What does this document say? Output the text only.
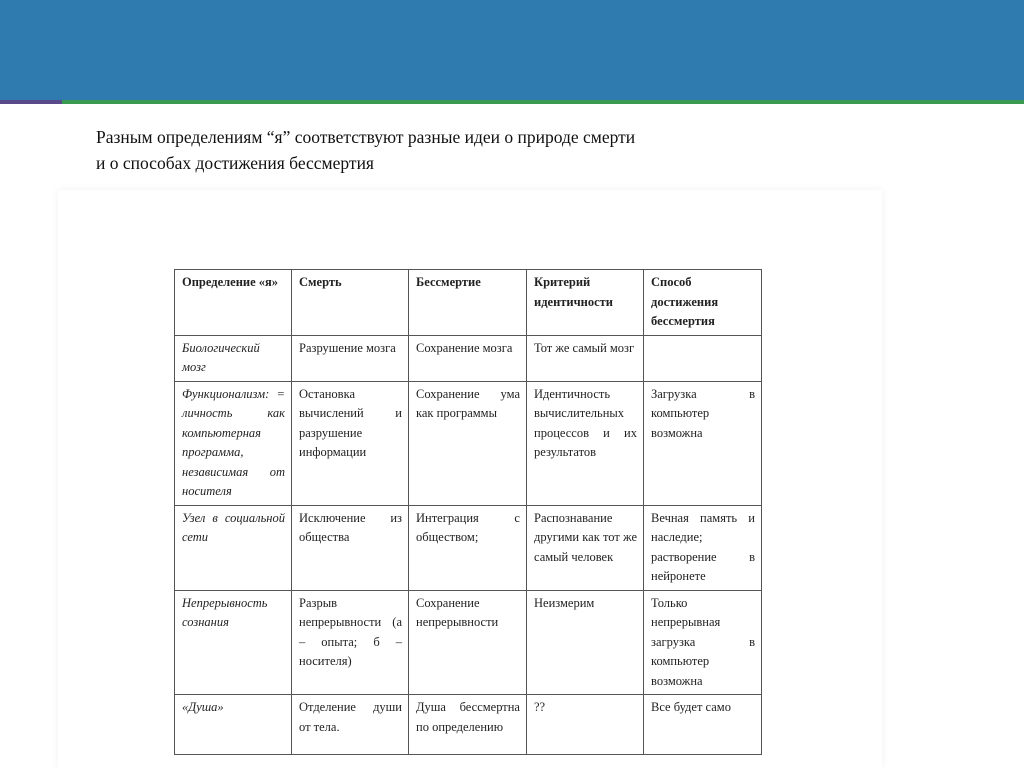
Разным определениям “я” соответствуют разные идеи о природе смерти
и о способах достижения бессмертия
Определение «я»	Смерть	Бессмертие	Критерий идентичности	Способ достижения бессмертия
Биологический мозг	Разрушение мозга	Сохранение мозга	Тот же самый мозг	
Функционализм: = личность как компьютерная программа, независимая от носителя	Остановка вычислений и разрушение информации	Сохранение ума как программы	Идентичность вычислительных процессов и их результатов	Загрузка в компьютер возможна
Узел в социальной сети	Исключение из общества	Интеграция с обществом;	Распознавание другими как тот же самый человек	Вечная память и наследие; растворение в нейронете
Непрерывность сознания	Разрыв непрерывности (а – опыта; б – носителя)	Сохранение непрерывности	Неизмерим	Только непрерывная загрузка в компьютер возможна
«Душа»	Отделение души от тела.	Душа бессмертна по определению	??	Все будет само
